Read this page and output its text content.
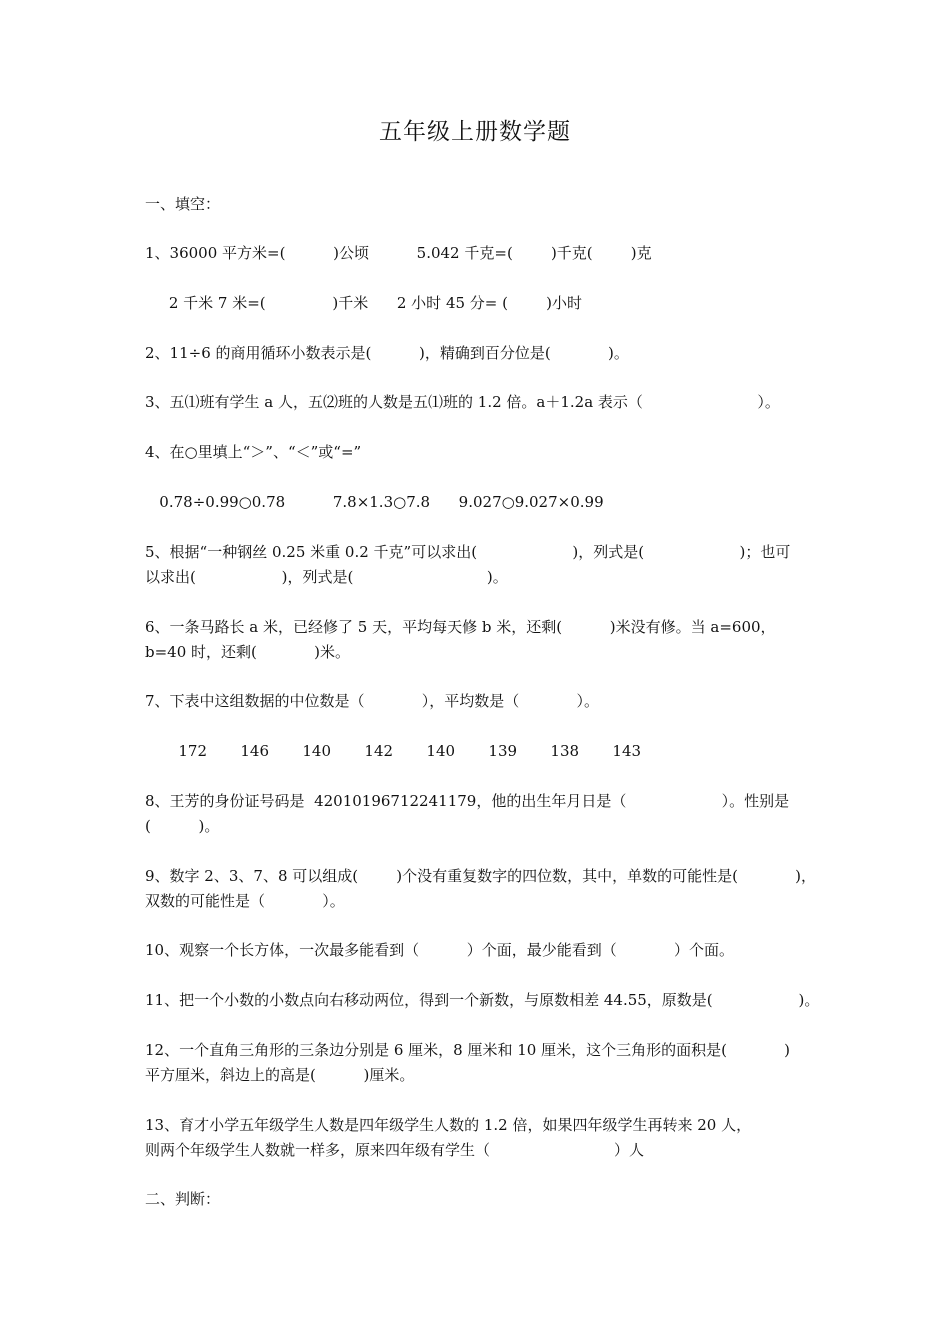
五年级上册数学题
一、填空：
1、36000 平方米=(          )公顷          5.042 千克=(        )千克(        )克
2 千米 7 米=(              )千米      2 小时 45 分= (        )小时
2、11÷6 的商用循环小数表示是(          )，精确到百分位是(            )。
3、五⑴班有学生 a 人，五⑵班的人数是五⑴班的 1.2 倍。a＋1.2a 表示（                        ）。
4、在○里填上“＞”、“＜”或“=”
0.78÷0.99○0.78          7.8×1.3○7.8      9.027○9.027×0.99
5、根据“一种钢丝 0.25 米重 0.2 千克”可以求出(                    )，列式是(                    )；也可
以求出(                  )，列式是(                            )。
6、一条马路长 a 米，已经修了 5 天，平均每天修 b 米，还剩(          )米没有修。当 a=600，
b=40 时，还剩(            )米。
7、下表中这组数据的中位数是（            ），平均数是（            ）。
172       146       140       142       140       139       138       143
8、王芳的身份证号码是  42010196712241179，他的出生年月日是（                    ）。性别是
(          )。
9、数字 2、3、7、8 可以组成(        )个没有重复数字的四位数，其中，单数的可能性是(            )，
双数的可能性是（            ）。
10、观察一个长方体，一次最多能看到（          ）个面，最少能看到（            ）个面。
11、把一个小数的小数点向右移动两位，得到一个新数，与原数相差 44.55，原数是(                  )。
12、一个直角三角形的三条边分别是 6 厘米，8 厘米和 10 厘米，这个三角形的面积是(            )
平方厘米，斜边上的高是(          )厘米。
13、育才小学五年级学生人数是四年级学生人数的 1.2 倍，如果四年级学生再转来 20 人，
则两个年级学生人数就一样多，原来四年级有学生（                          ）人
二、判断：
